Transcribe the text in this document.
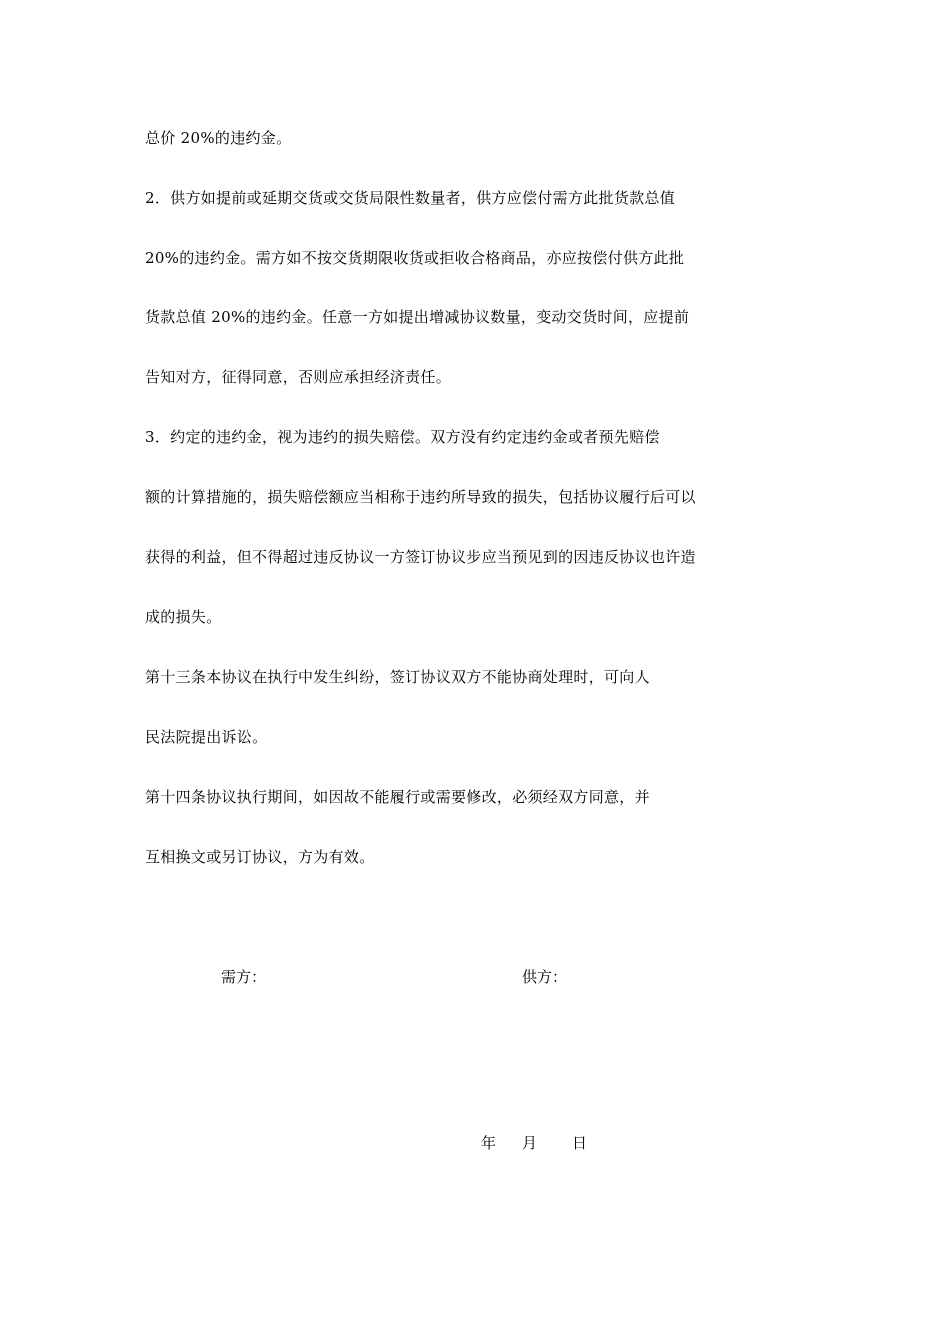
总价 20%的违约金。
2．供方如提前或延期交货或交货局限性数量者，供方应偿付需方此批货款总值
20%的违约金。需方如不按交货期限收货或拒收合格商品，亦应按偿付供方此批
货款总值 20%的违约金。任意一方如提出增减协议数量，变动交货时间，应提前
告知对方，征得同意，否则应承担经济责任。
3．约定的违约金，视为违约的损失赔偿。双方没有约定违约金或者预先赔偿
额的计算措施的，损失赔偿额应当相称于违约所导致的损失，包括协议履行后可以
获得的利益，但不得超过违反协议一方签订协议步应当预见到的因违反协议也许造
成的损失。
第十三条本协议在执行中发生纠纷，签订协议双方不能协商处理时，可向人
民法院提出诉讼。
第十四条协议执行期间，如因故不能履行或需要修改，必须经双方同意，并
互相换文或另订协议，方为有效。
需方：	供方：
年 月 日
